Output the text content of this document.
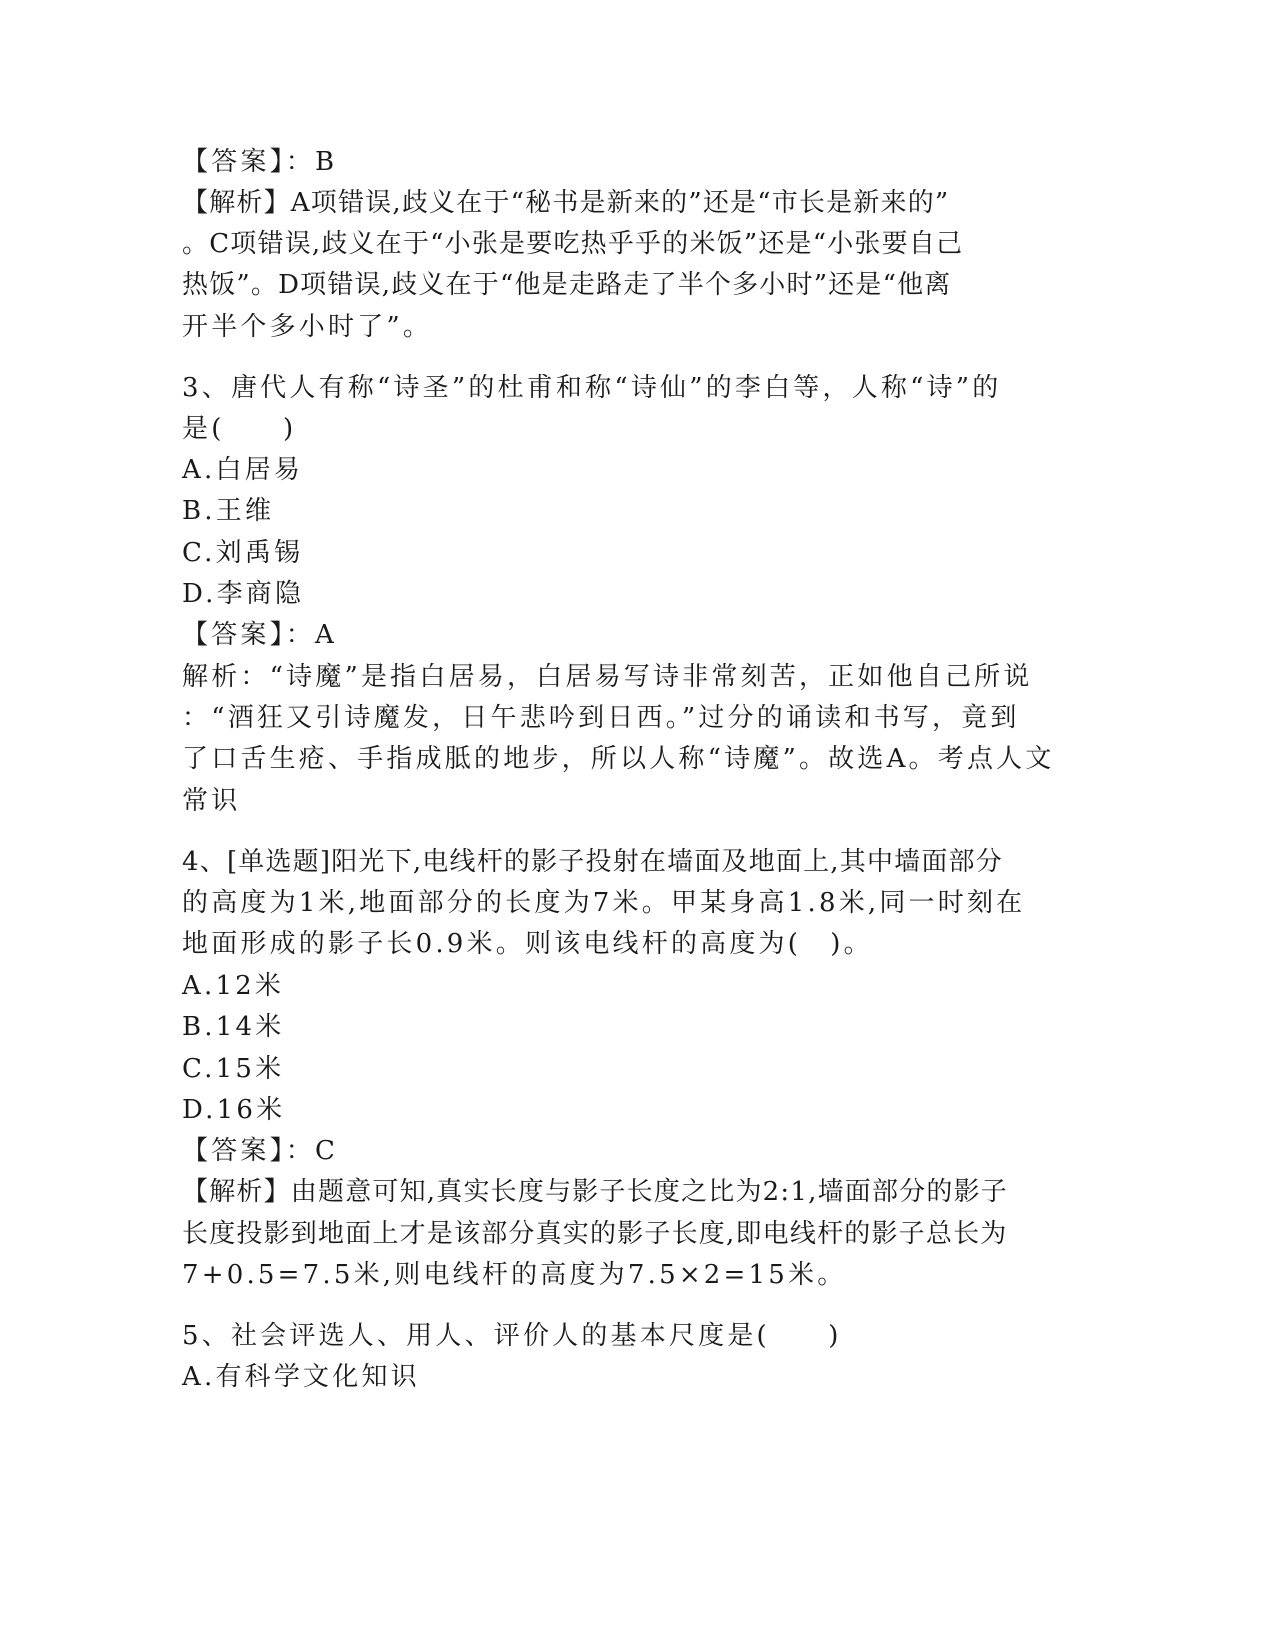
【答案】：B
【解析】A项错误,歧义在于“秘书是新来的”还是“市长是新来的”
。C项错误,歧义在于“小张是要吃热乎乎的米饭”还是“小张要自己
热饭”。D项错误,歧义在于“他是走路走了半个多小时”还是“他离
开半个多小时了”。
3、唐代人有称“诗圣”的杜甫和称“诗仙”的李白等，人称“诗”的
是(　　)
A.白居易
B.王维
C.刘禹锡
D.李商隐
【答案】：A
解析：“诗魔”是指白居易，白居易写诗非常刻苦，正如他自己所说
：“酒狂又引诗魔发，日午悲吟到日西。”过分的诵读和书写，竟到
了口舌生疮、手指成胝的地步，所以人称“诗魔”。故选A。考点人文
常识
4、[单选题]阳光下,电线杆的影子投射在墙面及地面上,其中墙面部分
的高度为1米,地面部分的长度为7米。甲某身高1.8米,同一时刻在
地面形成的影子长0.9米。则该电线杆的高度为(　)。
A.12米
B.14米
C.15米
D.16米
【答案】：C
【解析】由题意可知,真实长度与影子长度之比为2:1,墙面部分的影子
长度投影到地面上才是该部分真实的影子长度,即电线杆的影子总长为
7+0.5=7.5米,则电线杆的高度为7.5×2=15米。
5、社会评选人、用人、评价人的基本尺度是(　　)
A.有科学文化知识
